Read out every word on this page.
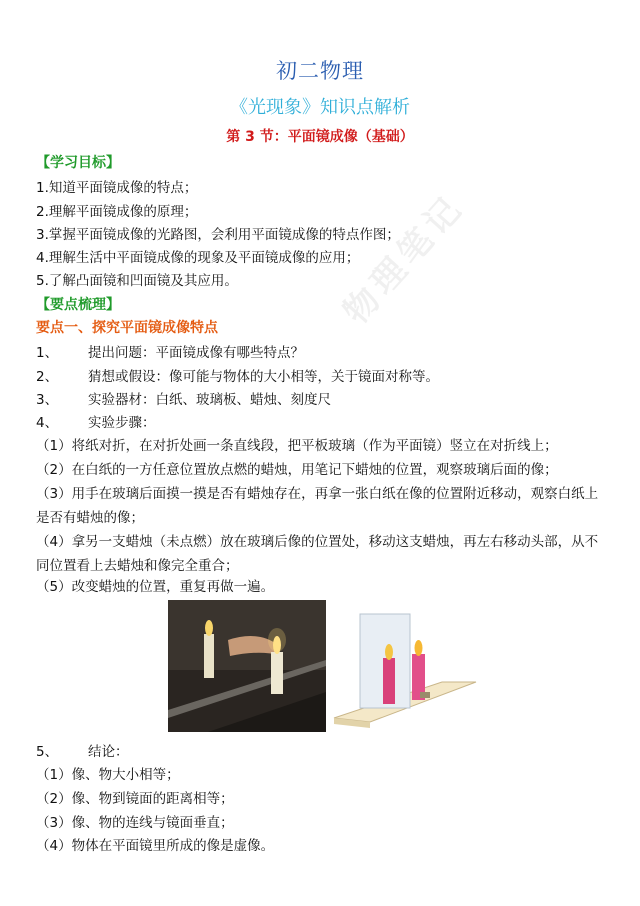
初二物理
《光现象》知识点解析
第 3 节：平面镜成像（基础）
【学习目标】
1.知道平面镜成像的特点；
2.理解平面镜成像的原理；
3.掌握平面镜成像的光路图，会利用平面镜成像的特点作图；
4.理解生活中平面镜成像的现象及平面镜成像的应用；
5.了解凸面镜和凹面镜及其应用。
【要点梳理】
要点一、探究平面镜成像特点
1、 提出问题：平面镜成像有哪些特点？
2、 猜想或假设：像可能与物体的大小相等，关于镜面对称等。
3、 实验器材：白纸、玻璃板、蜡烛、刻度尺
4、 实验步骤：
（1）将纸对折，在对折处画一条直线段，把平板玻璃（作为平面镜）竖立在对折线上；
（2）在白纸的一方任意位置放点燃的蜡烛，用笔记下蜡烛的位置，观察玻璃后面的像；
（3）用手在玻璃后面摸一摸是否有蜡烛存在，再拿一张白纸在像的位置附近移动，观察白纸上是否有蜡烛的像；
（4）拿另一支蜡烛（未点燃）放在玻璃后像的位置处，移动这支蜡烛，再左右移动头部，从不同位置看上去蜡烛和像完全重合；
（5）改变蜡烛的位置，重复再做一遍。
5、 结论：
（1）像、物大小相等；
（2）像、物到镜面的距离相等；
（3）像、物的连线与镜面垂直；
（4）物体在平面镜里所成的像是虚像。
物理笔记
